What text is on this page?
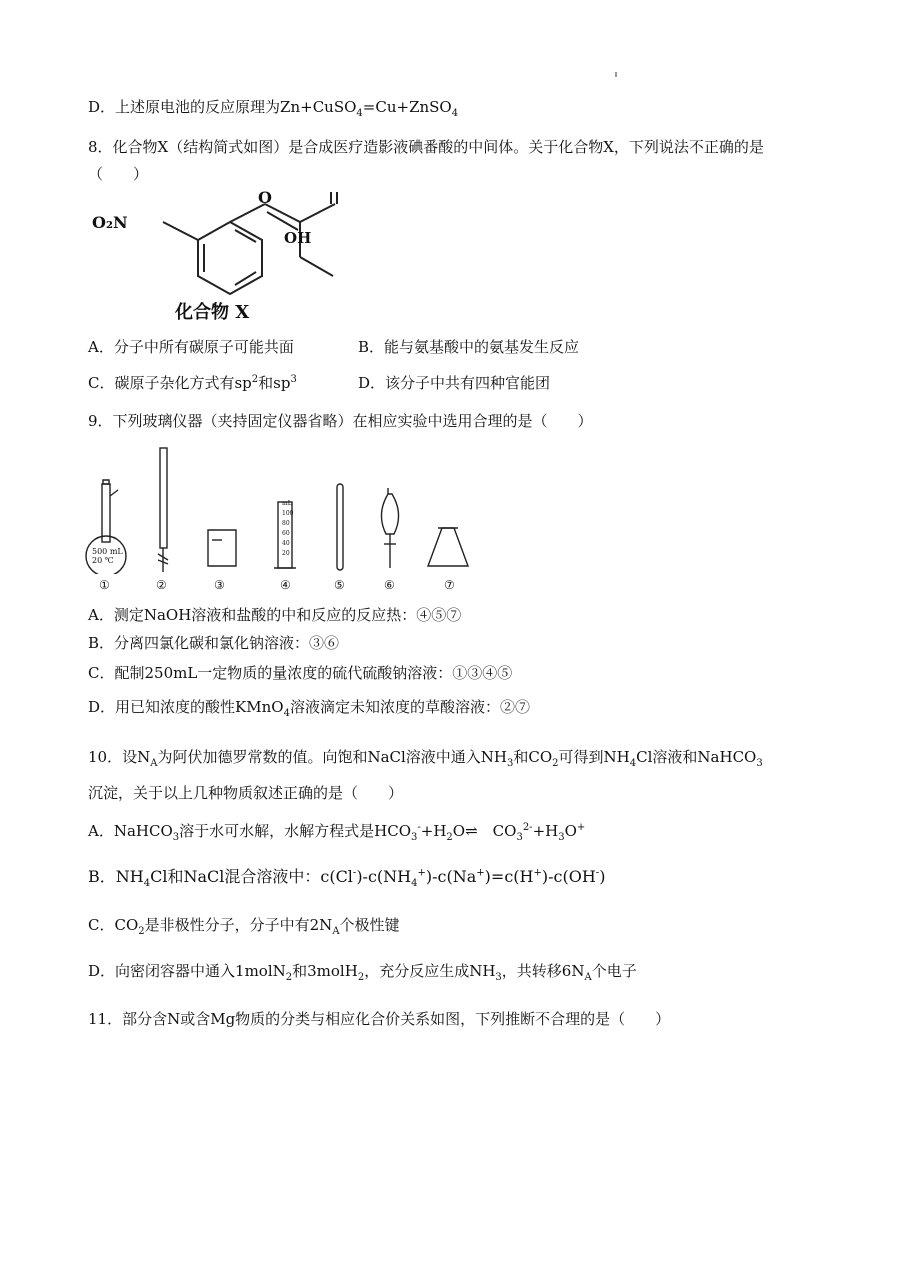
D．上述原电池的反应原理为Zn+CuSO$_4$=Cu+ZnSO$_4$
8．化合物X（结构简式如图）是合成医疗造影液碘番酸的中间体。关于化合物X，下列说法不正确的是
（　　）
O₂N
O
OH
化合物 X
A．分子中所有碳原子可能共面	B．能与氨基酸中的氨基发生反应
C．碳原子杂化方式有$sp^2$和$sp^3$	D．该分子中共有四种官能团
9．下列玻璃仪器（夹持固定仪器省略）在相应实验中选用合理的是（　　）
500 mL
20 ℃
mL
100
80
60
40
20
①	②	③	④	⑤	⑥	⑦
A．测定NaOH溶液和盐酸的中和反应的反应热：④⑤⑦
B．分离四氯化碳和氯化钠溶液：③⑥
C．配制250mL一定物质的量浓度的硫代硫酸钠溶液：①③④⑤
D．用已知浓度的酸性KMnO$_4$溶液滴定未知浓度的草酸溶液：②⑦
10．设$N_A$为阿伏加德罗常数的值。向饱和NaCl溶液中通入$NH_3$和$CO_2$可得到$NH_4Cl$溶液和NaHCO$_3$
沉淀，关于以上几种物质叙述正确的是（　　）
A．NaHCO$_3$溶于水可水解，水解方程式是$HCO_3^-+H_2O\rightleftharpoons$　$CO_3^{2-}+H_3O^+$
B．$NH_4Cl$和NaCl混合溶液中：$c(Cl^-)-c(NH_4^+)-c(Na^+)=c(H^+)-c(OH^-)$
C．$CO_2$是非极性分子，分子中有$2N_A$个极性键
D．向密闭容器中通入1molN$_2$和3molH$_2$，充分反应生成$NH_3$，共转移$6N_A$个电子
11．部分含N或含Mg物质的分类与相应化合价关系如图，下列推断不合理的是（　　）
